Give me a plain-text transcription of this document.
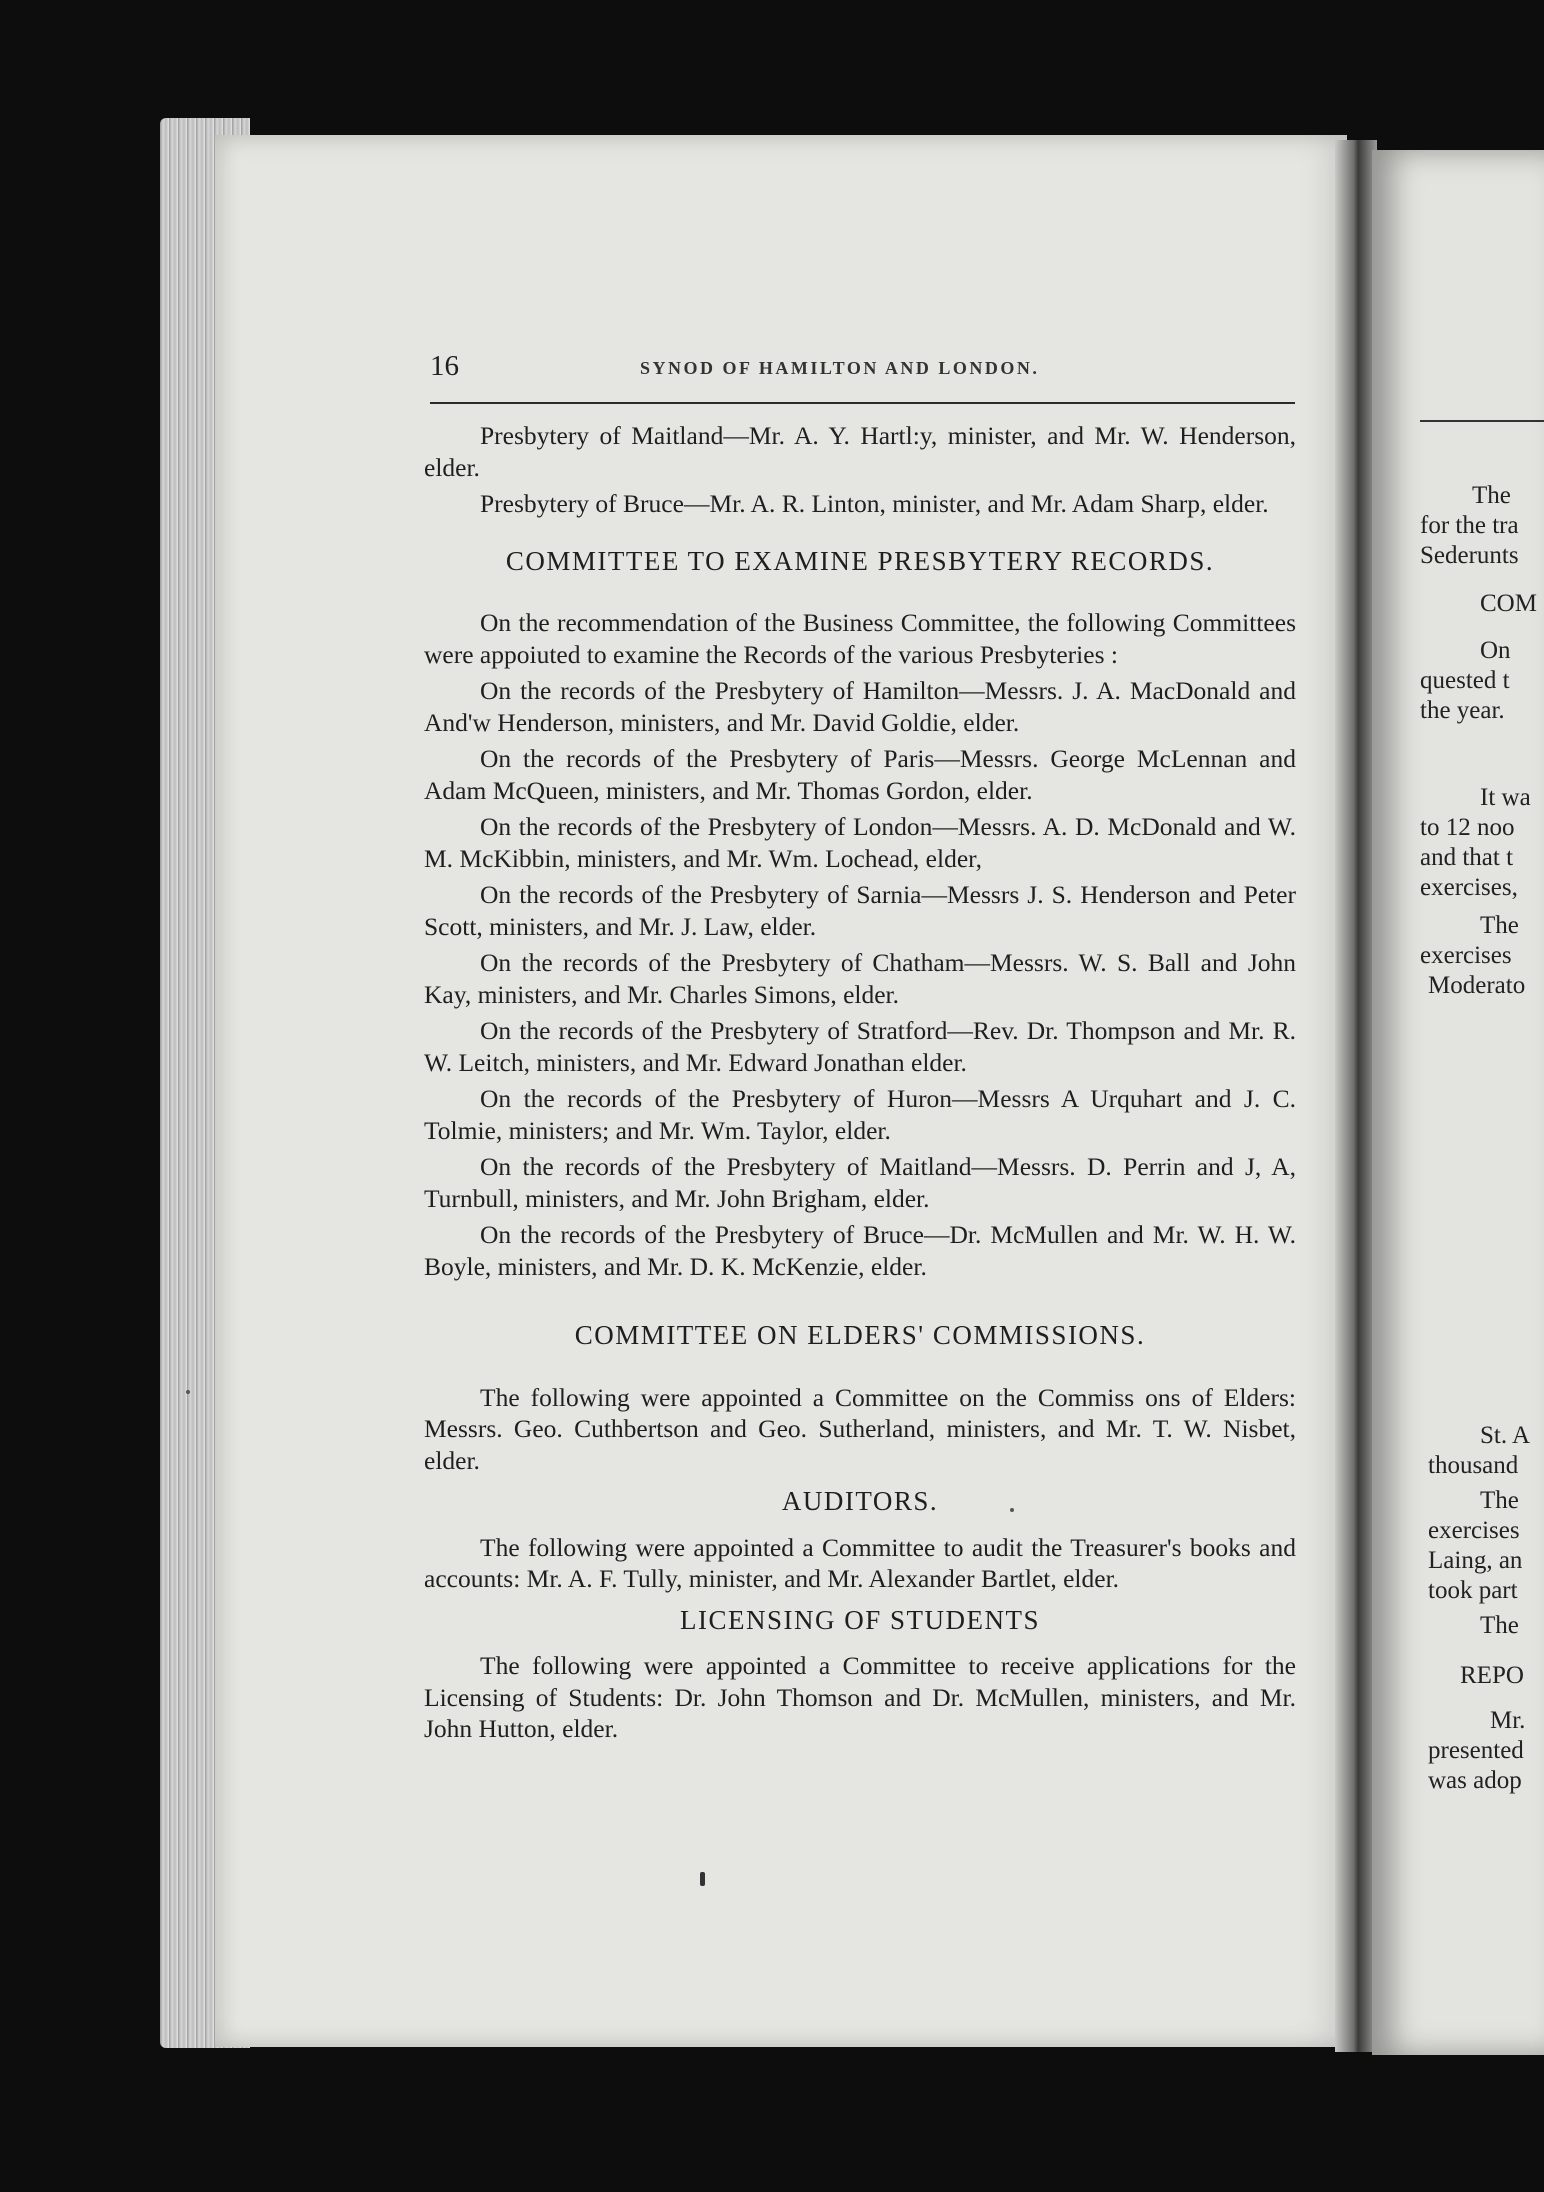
The
for the tra
Sederunts
COM
On
quested t
the year.
It wa
to 12 noo
and that t
exercises,
The
exercises
Moderato
St. A
thousand
The
exercises
Laing, an
took part
The
REPO
Mr.
presented
was adop
16	SYNOD OF HAMILTON AND LONDON.

Presbytery of Maitland—Mr. A. Y. Hartl:y, minister, and Mr. W. Henderson, elder.

Presbytery of Bruce—Mr. A. R. Linton, minister, and Mr. Adam Sharp, elder.

COMMITTEE TO EXAMINE PRESBYTERY RECORDS.

On the recommendation of the Business Committee, the following Committees were appoiuted to examine the Records of the various Presbyteries :

On the records of the Presbytery of Hamilton—Messrs. J. A. MacDonald and And'w Henderson, ministers, and Mr. David Goldie, elder.

On the records of the Presbytery of Paris—Messrs. George McLennan and Adam McQueen, ministers, and Mr. Thomas Gordon, elder.

On the records of the Presbytery of London—Messrs. A. D. McDonald and W. M. McKibbin, ministers, and Mr. Wm. Lochead, elder,

On the records of the Presbytery of Sarnia—Messrs J. S. Henderson and Peter Scott, ministers, and Mr. J. Law, elder.

On the records of the Presbytery of Chatham—Messrs. W. S. Ball and John Kay, ministers, and Mr. Charles Simons, elder.

On the records of the Presbytery of Stratford—Rev. Dr. Thompson and Mr. R. W. Leitch, ministers, and Mr. Edward Jonathan elder.

On the records of the Presbytery of Huron—Messrs A Urquhart and J. C. Tolmie, ministers; and Mr. Wm. Taylor, elder.

On the records of the Presbytery of Maitland—Messrs. D. Perrin and J, A, Turnbull, ministers, and Mr. John Brigham, elder.

On the records of the Presbytery of Bruce—Dr. McMullen and Mr. W. H. W. Boyle, ministers, and Mr. D. K. McKenzie, elder.

COMMITTEE ON ELDERS' COMMISSIONS.

The following were appointed a Committee on the Commiss ons of Elders: Messrs. Geo. Cuthbertson and Geo. Sutherland, ministers, and Mr. T. W. Nisbet, elder.

AUDITORS.

The following were appointed a Committee to audit the Treasurer's books and accounts: Mr. A. F. Tully, minister, and Mr. Alexander Bartlet, elder.

LICENSING OF STUDENTS

The following were appointed a Committee to receive applications for the Licensing of Students: Dr. John Thomson and Dr. McMullen, ministers, and Mr. John Hutton, elder.
